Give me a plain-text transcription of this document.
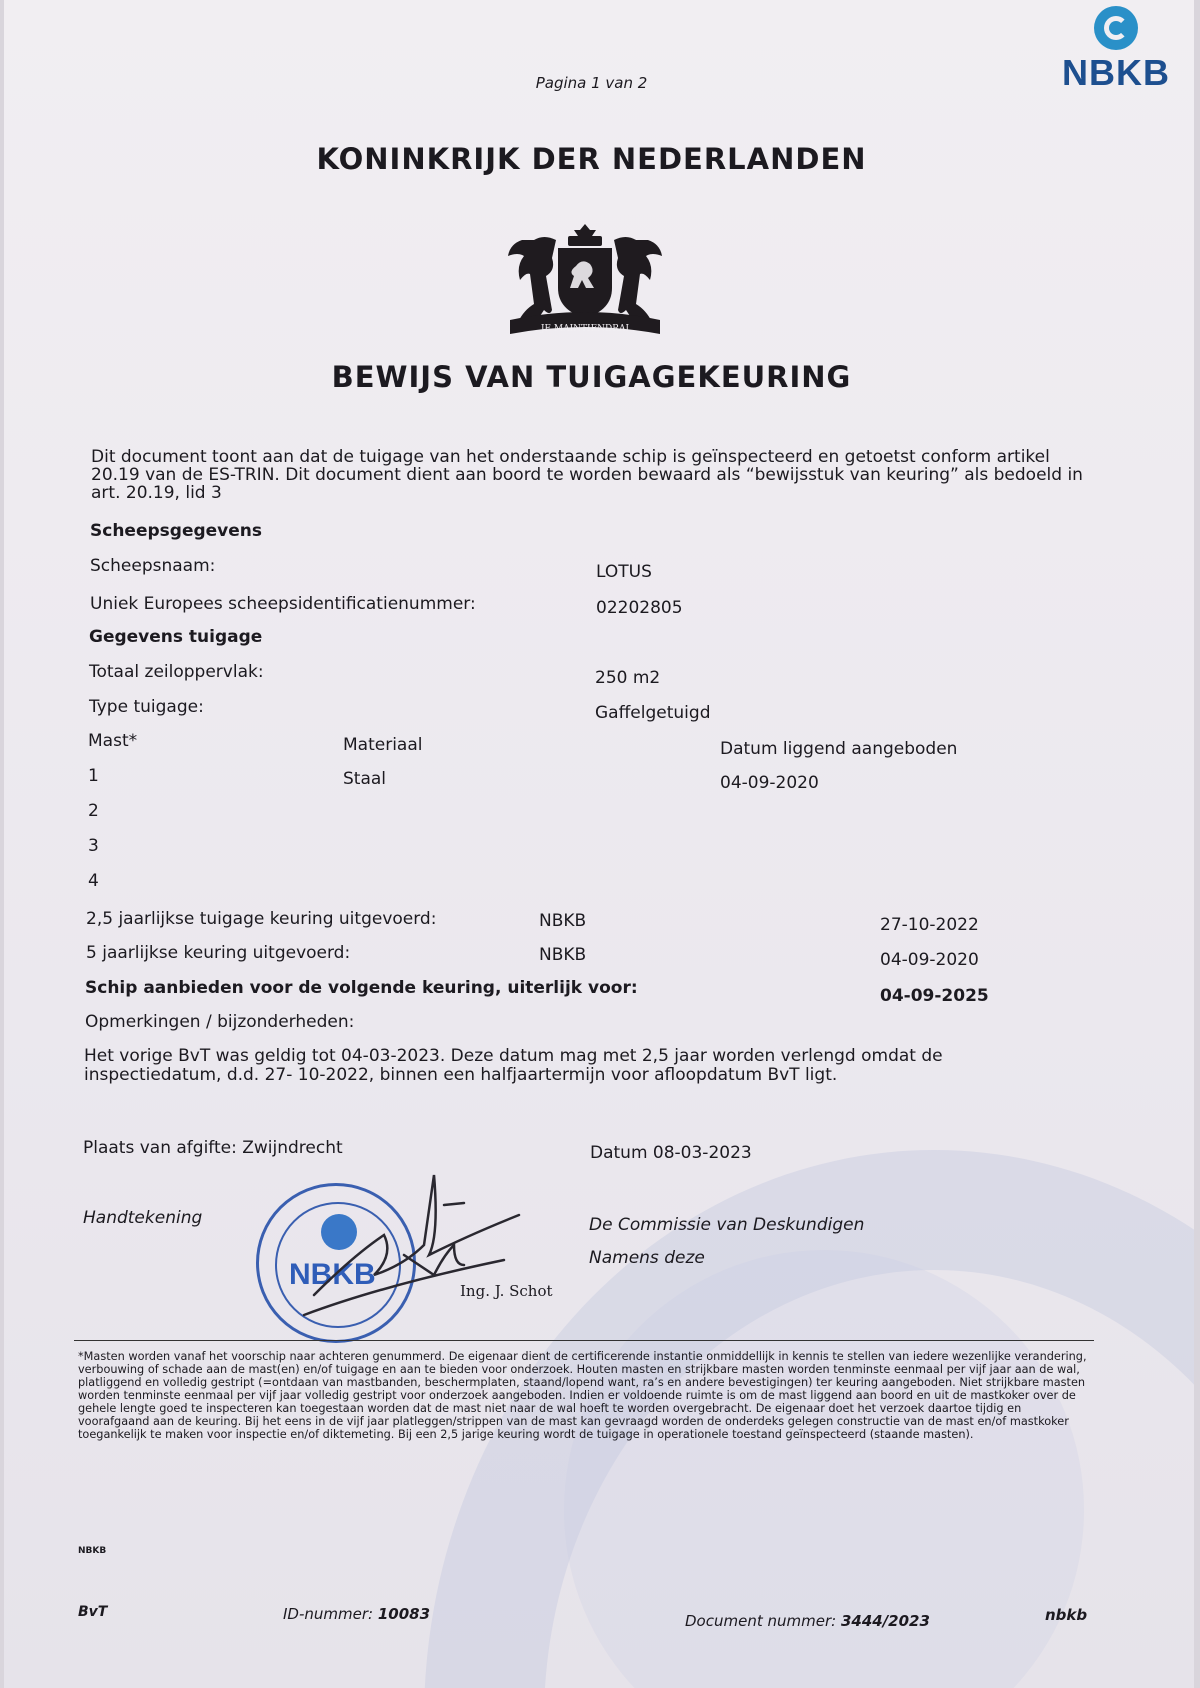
NBKB
Pagina 1 van 2
KONINKRIJK DER NEDERLANDEN
JE MAINTIENDRAI
BEWIJS VAN TUIGAGEKEURING
Dit document toont aan dat de tuigage van het onderstaande schip is geïnspecteerd en getoetst conform artikel 20.19 van de ES-TRIN. Dit document dient aan boord te worden bewaard als “bewijsstuk van keuring” als bedoeld in art. 20.19, lid 3
Scheepsgegevens
Scheepsnaam:	LOTUS
Uniek Europees scheepsidentificatienummer:	02202805
Gegevens tuigage
Totaal zeiloppervlak:	250 m2
Type tuigage:	Gaffelgetuigd
Mast*	Materiaal	Datum liggend aangeboden
1	Staal	04-09-2020
2
3
4
2,5 jaarlijkse tuigage keuring uitgevoerd:	NBKB	27-10-2022
5 jaarlijkse keuring uitgevoerd:	NBKB	04-09-2020
Schip aanbieden voor de volgende keuring, uiterlijk voor:	04-09-2025
Opmerkingen / bijzonderheden:
Het vorige BvT was geldig tot 04-03-2023. Deze datum mag met 2,5 jaar worden verlengd omdat de inspectiedatum, d.d. 27- 10-2022, binnen een halfjaartermijn voor afloopdatum BvT ligt.
Plaats van afgifte: Zwijndrecht	Datum 08-03-2023
Handtekening	De Commissie van Deskundigen
Namens deze
NBKB	Ing. J. Schot
*Masten worden vanaf het voorschip naar achteren genummerd. De eigenaar dient de certificerende instantie onmiddellijk in kennis te stellen van iedere wezenlijke verandering, verbouwing of schade aan de mast(en) en/of tuigage en aan te bieden voor onderzoek. Houten masten en strijkbare masten worden tenminste eenmaal per vijf jaar aan de wal, platliggend en volledig gestript (=ontdaan van mastbanden, beschermplaten, staand/lopend want, ra’s en andere bevestigingen) ter keuring aangeboden. Niet strijkbare masten worden tenminste eenmaal per vijf jaar volledig gestript voor onderzoek aangeboden. Indien er voldoende ruimte is om de mast liggend aan boord en uit de mastkoker over de gehele lengte goed te inspecteren kan toegestaan worden dat de mast niet naar de wal hoeft te worden overgebracht. De eigenaar doet het verzoek daartoe tijdig en voorafgaand aan de keuring. Bij het eens in de vijf jaar platleggen/strippen van de mast kan gevraagd worden de onderdeks gelegen constructie van de mast en/of mastkoker toegankelijk te maken voor inspectie en/of diktemeting. Bij een 2,5 jarige keuring wordt de tuigage in operationele toestand geïnspecteerd (staande masten).
NBKB
BvT	ID-nummer: 10083	Document nummer: 3444/2023	nbkb
